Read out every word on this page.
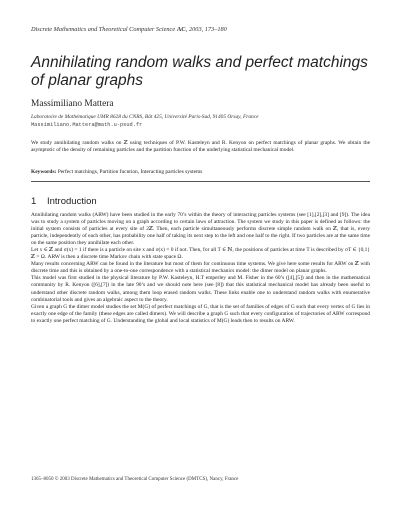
Discrete Mathematics and Theoretical Computer Science AC, 2003, 173–180
Annihilating random walks and perfect matchings of planar graphs
Massimiliano Mattera
Laboratoire de Mathématique UMR 8628 du CNRS, Bât 425, Université Paris-Sud, 91405 Orsay, France
Massimiliano.Mattera@math.u-psud.fr
We study annihilating random walks on ℤ using techniques of P.W. Kasteleyn and R. Kenyon on perfect matchings of planar graphs. We obtain the asymptotic of the density of remaining particles and the partition function of the underlying statistical mechanical model.
Keywords: Perfect matchings, Partition fucntion, Interacting particles systems
1 Introduction

Annihilating random walks (ARW) have been studied in the early 70’s within the theory of interacting particles systems (see [1],[2],[3] and [9]). The idea was to study a system of particles moving on a graph according to certain laws of attraction. The system we study in this paper is defined as follows: the initial system consists of particles at every site of 2ℤ. Then, each particle simultaneously performs discrete simple random walk on ℤ, that is, every particle, independently of each other, has probability one half of taking its next step to the left and one half to the right. If two particles are at the same time on the same position they annihilate each other.

Let x ∈ ℤ and σ(x) = 1 if there is a particle on site x and σ(x) = 0 if not. Then, for all T ∈ ℕ, the positions of particles at time T is described by σT ∈ {0,1}ℤ = Ω. ARW is then a discrete time Markov chain with state space Ω.

Many results concerning ARW can be found in the literature but most of them for continuous time systems. We give here some results for ARW on ℤ with discrete time and this is obtained by a one-to-one correspondence with a statistical mechanics model: the dimer model on planar graphs.

This model was first studied in the physical literature by P.W. Kasteleyn, H.T emperley and M. Fisher in the 60’s ([4],[5]) and then in the mathematical community by R. Kenyon ([6],[7]) in the late 90’s and we should note here (see [8]) that this statistical mechanical model has already been useful to understand other discrete random walks, among them loop erased random walks. These links enable one to understand random walks with enumerative combinatorial tools and gives an algebraic aspect to the theory.

Given a graph G the dimer model studies the set M(G) of perfect matchings of G, that is the set of families of edges of G such that every vertex of G lies in exactly one edge of the family (these edges are called dimers). We will describe a graph G such that every configuration of trajectories of ARW correspond to exactly one perfect matching of G. Understanding the global and local statistics of M(G) leads then to results on ARW.

1365–8050 © 2003 Discrete Mathematics and Theoretical Computer Science (DMTCS), Nancy, France
